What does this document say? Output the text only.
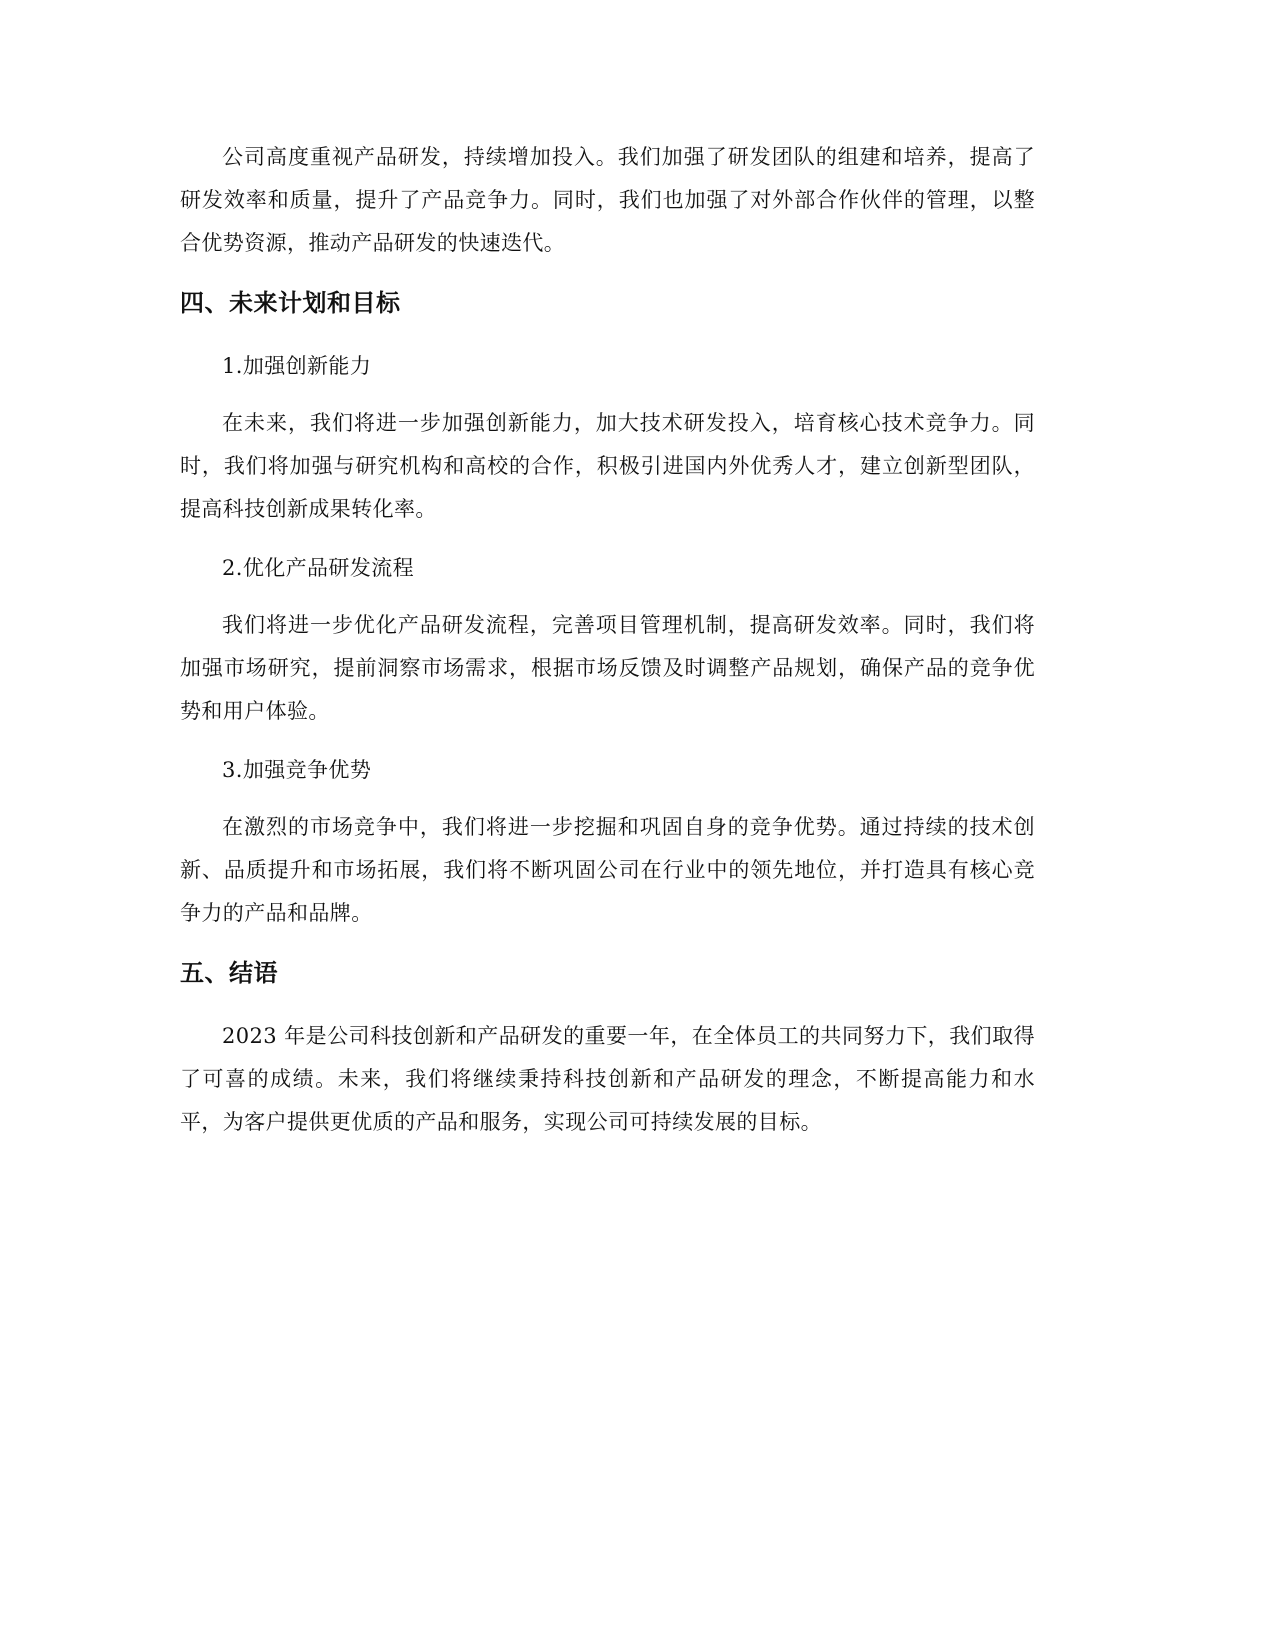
公司高度重视产品研发，持续增加投入。我们加强了研发团队的组建和培养，提高了研发效率和质量，提升了产品竞争力。同时，我们也加强了对外部合作伙伴的管理，以整合优势资源，推动产品研发的快速迭代。

四、未来计划和目标

1.加强创新能力

在未来，我们将进一步加强创新能力，加大技术研发投入，培育核心技术竞争力。同时，我们将加强与研究机构和高校的合作，积极引进国内外优秀人才，建立创新型团队，提高科技创新成果转化率。

2.优化产品研发流程

我们将进一步优化产品研发流程，完善项目管理机制，提高研发效率。同时，我们将加强市场研究，提前洞察市场需求，根据市场反馈及时调整产品规划，确保产品的竞争优势和用户体验。

3.加强竞争优势

在激烈的市场竞争中，我们将进一步挖掘和巩固自身的竞争优势。通过持续的技术创新、品质提升和市场拓展，我们将不断巩固公司在行业中的领先地位，并打造具有核心竞争力的产品和品牌。

五、结语

2023 年是公司科技创新和产品研发的重要一年，在全体员工的共同努力下，我们取得了可喜的成绩。未来，我们将继续秉持科技创新和产品研发的理念，不断提高能力和水平，为客户提供更优质的产品和服务，实现公司可持续发展的目标。
